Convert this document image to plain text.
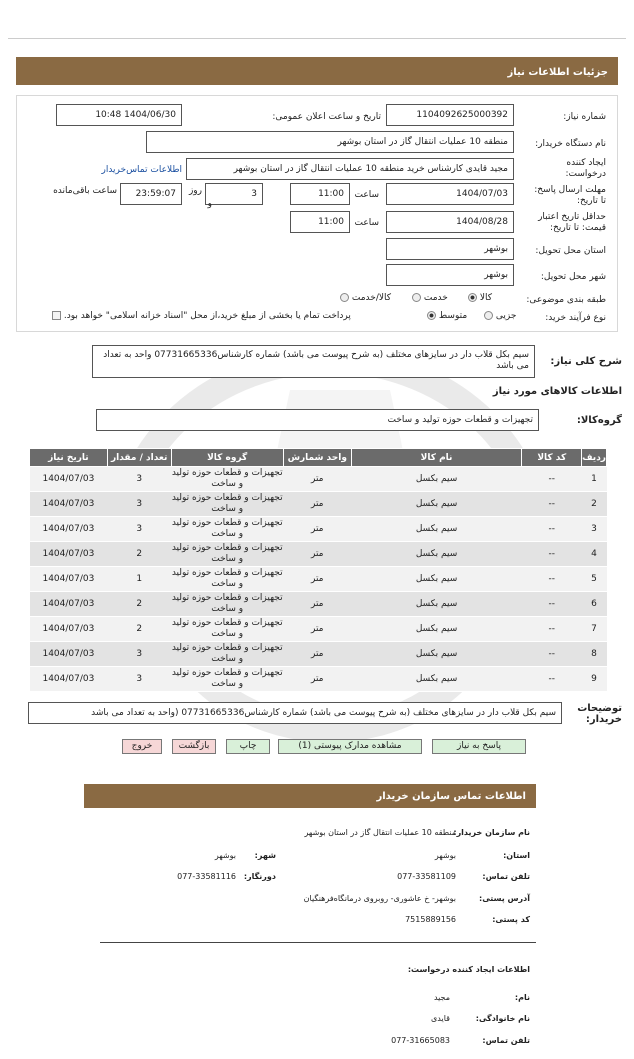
جزئیات اطلاعات نیاز
شماره نیاز:
1104092625000392
تاریخ و ساعت اعلان عمومی:
1404/06/30 10:48
نام دستگاه خریدار:
منطقه 10 عملیات انتقال گاز در استان بوشهر
ایجاد کننده درخواست:
مجید قایدی کارشناس خرید منطقه 10 عملیات انتقال گاز در استان بوشهر
اطلاعات تماس‌خریدار
مهلت ارسال پاسخ: تا تاریخ:
1404/07/03
ساعت
11:00
3
روز
و
23:59:07
ساعت باقی‌مانده
حداقل تاریخ اعتبار قیمت: تا تاریخ:
1404/08/28
ساعت
11:00
استان محل تحویل:
بوشهر
شهر محل تحویل:
بوشهر
طبقه بندی موضوعی:
کالا
خدمت
کالا/خدمت
نوع فرآیند خرید:
جزیی
متوسط
پرداخت تمام یا بخشی از مبلغ خرید،از محل "اسناد خزانه اسلامی" خواهد بود.
شرح کلی نیاز:
سیم بکل قلاب دار در سایزهای مختلف (به شرح پیوست می باشد) شماره کارشناس07731665336 واحد به تعداد می باشد
اطلاعات کالاهای مورد نیاز
گروه‌کالا:
تجهیزات و قطعات حوزه تولید و ساخت
ردیف	کد کالا	نام کالا	واحد شمارش	گروه کالا	تعداد / مقدار	تاریخ نیاز
1	--	سیم بکسل	متر	تجهیزات و قطعات حوزه تولید و ساخت	3	1404/07/03
2	--	سیم بکسل	متر	تجهیزات و قطعات حوزه تولید و ساخت	3	1404/07/03
3	--	سیم بکسل	متر	تجهیزات و قطعات حوزه تولید و ساخت	3	1404/07/03
4	--	سیم بکسل	متر	تجهیزات و قطعات حوزه تولید و ساخت	2	1404/07/03
5	--	سیم بکسل	متر	تجهیزات و قطعات حوزه تولید و ساخت	1	1404/07/03
6	--	سیم بکسل	متر	تجهیزات و قطعات حوزه تولید و ساخت	2	1404/07/03
7	--	سیم بکسل	متر	تجهیزات و قطعات حوزه تولید و ساخت	2	1404/07/03
8	--	سیم بکسل	متر	تجهیزات و قطعات حوزه تولید و ساخت	3	1404/07/03
9	--	سیم بکسل	متر	تجهیزات و قطعات حوزه تولید و ساخت	3	1404/07/03
توضیحات خریدار:
سیم بکل قلاب دار در سایزهای مختلف (به شرح پیوست می باشد) شماره کارشناس07731665336 (واحد به تعداد می باشد
پاسخ به نیاز
مشاهده مدارک پیوستی (1)
چاپ
بازگشت
خروج
اطلاعات تماس سازمان خریدار
نام سازمان خریدار:
منطقه 10 عملیات انتقال گاز در استان بوشهر
استان:
بوشهر
شهر:
بوشهر
تلفن تماس:
077-33581109
دورنگار:
077-33581116
آدرس پستی:
بوشهر- خ عاشوری- روبروی درمانگاه‌فرهنگیان
کد پستی:
7515889156
اطلاعات ایجاد کننده درخواست:
نام:
مجید
نام خانوادگی:
قایدی
تلفن تماس:
077-31665083
